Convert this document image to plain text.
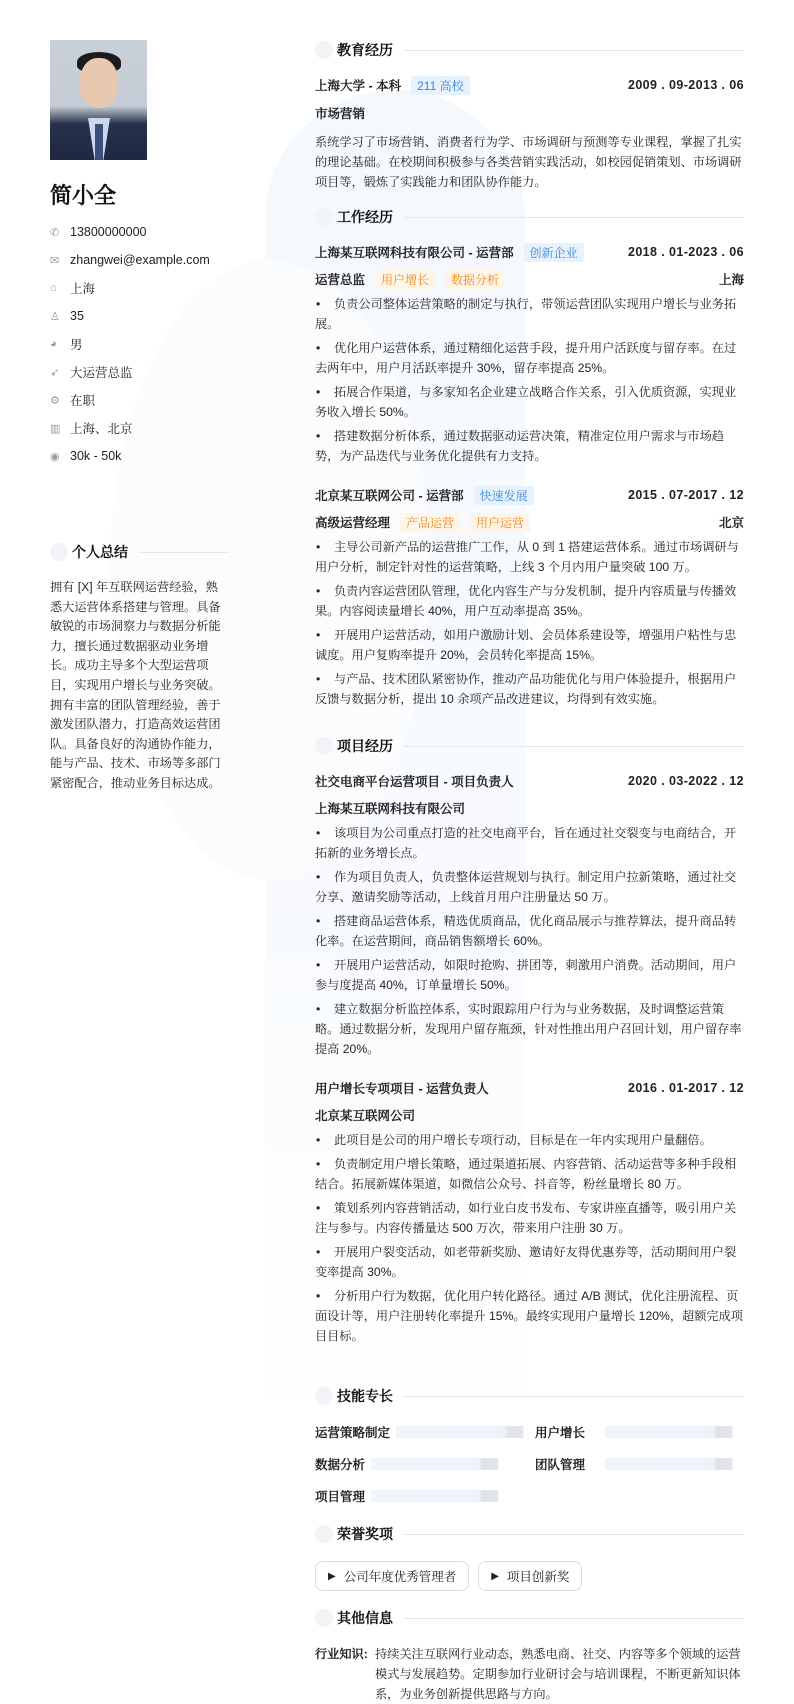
简小全
✆ 13800000000
✉ zhangwei@example.com
⌂	上海
♙ 35
◕	男
➶ 大运营总监
⚙ 在职
▥ 上海、北京
◉ 30k - 50k
个人总结
拥有 [X] 年互联网运营经验，熟悉大运营体系搭建与管理。具备敏锐的市场洞察力与数据分析能力，擅长通过数据驱动业务增长。成功主导多个大型运营项目，实现用户增长与业务突破。拥有丰富的团队管理经验，善于激发团队潜力，打造高效运营团队。具备良好的沟通协作能力，能与产品、技术、市场等多部门紧密配合，推动业务目标达成。
教育经历
上海大学 - 本科	211 高校	2009 . 09-2013 . 06
市场营销
系统学习了市场营销、消费者行为学、市场调研与预测等专业课程，掌握了扎实的理论基础。在校期间积极参与各类营销实践活动，如校园促销策划、市场调研项目等，锻炼了实践能力和团队协作能力。
工作经历
上海某互联网科技有限公司 - 运营部	创新企业	2018 . 01-2023 . 06
运营总监	用户增长	数据分析	上海
• 负责公司整体运营策略的制定与执行，带领运营团队实现用户增长与业务拓展。
• 优化用户运营体系，通过精细化运营手段，提升用户活跃度与留存率。在过去两年中，用户月活跃率提升 30%，留存率提高 25%。
• 拓展合作渠道，与多家知名企业建立战略合作关系，引入优质资源，实现业务收入增长 50%。
• 搭建数据分析体系，通过数据驱动运营决策，精准定位用户需求与市场趋势，为产品迭代与业务优化提供有力支持。
北京某互联网公司 - 运营部	快速发展	2015 . 07-2017 . 12
高级运营经理	产品运营	用户运营	北京
• 主导公司新产品的运营推广工作，从 0 到 1 搭建运营体系。通过市场调研与用户分析，制定针对性的运营策略，上线 3 个月内用户量突破 100 万。
• 负责内容运营团队管理，优化内容生产与分发机制，提升内容质量与传播效果。内容阅读量增长 40%，用户互动率提高 35%。
• 开展用户运营活动，如用户激励计划、会员体系建设等，增强用户粘性与忠诚度。用户复购率提升 20%，会员转化率提高 15%。
• 与产品、技术团队紧密协作，推动产品功能优化与用户体验提升，根据用户反馈与数据分析，提出 10 余项产品改进建议，均得到有效实施。
项目经历
社交电商平台运营项目 - 项目负责人	2020 . 03-2022 . 12
上海某互联网科技有限公司
• 该项目为公司重点打造的社交电商平台，旨在通过社交裂变与电商结合，开拓新的业务增长点。
• 作为项目负责人，负责整体运营规划与执行。制定用户拉新策略，通过社交分享、邀请奖励等活动，上线首月用户注册量达 50 万。
• 搭建商品运营体系，精选优质商品，优化商品展示与推荐算法，提升商品转化率。在运营期间，商品销售额增长 60%。
• 开展用户运营活动，如限时抢购、拼团等，刺激用户消费。活动期间，用户参与度提高 40%，订单量增长 50%。
• 建立数据分析监控体系，实时跟踪用户行为与业务数据，及时调整运营策略。通过数据分析，发现用户留存瓶颈，针对性推出用户召回计划，用户留存率提高 20%。
用户增长专项项目 - 运营负责人	2016 . 01-2017 . 12
北京某互联网公司
• 此项目是公司的用户增长专项行动，目标是在一年内实现用户量翻倍。
• 负责制定用户增长策略，通过渠道拓展、内容营销、活动运营等多种手段相结合。拓展新媒体渠道，如微信公众号、抖音等，粉丝量增长 80 万。
• 策划系列内容营销活动，如行业白皮书发布、专家讲座直播等，吸引用户关注与参与。内容传播量达 500 万次，带来用户注册 30 万。
• 开展用户裂变活动，如老带新奖励、邀请好友得优惠券等，活动期间用户裂变率提高 30%。
• 分析用户行为数据，优化用户转化路径。通过 A/B 测试，优化注册流程、页面设计等，用户注册转化率提升 15%。最终实现用户量增长 120%，超额完成项目目标。
技能专长
运营策略制定	用户增长
数据分析	团队管理
项目管理
荣誉奖项
▶ 公司年度优秀管理者	▶ 项目创新奖
其他信息
行业知识: 持续关注互联网行业动态，熟悉电商、社交、内容等多个领域的运营模式与发展趋势。定期参加行业研讨会与培训课程，不断更新知识体系，为业务创新提供思路与方向。
